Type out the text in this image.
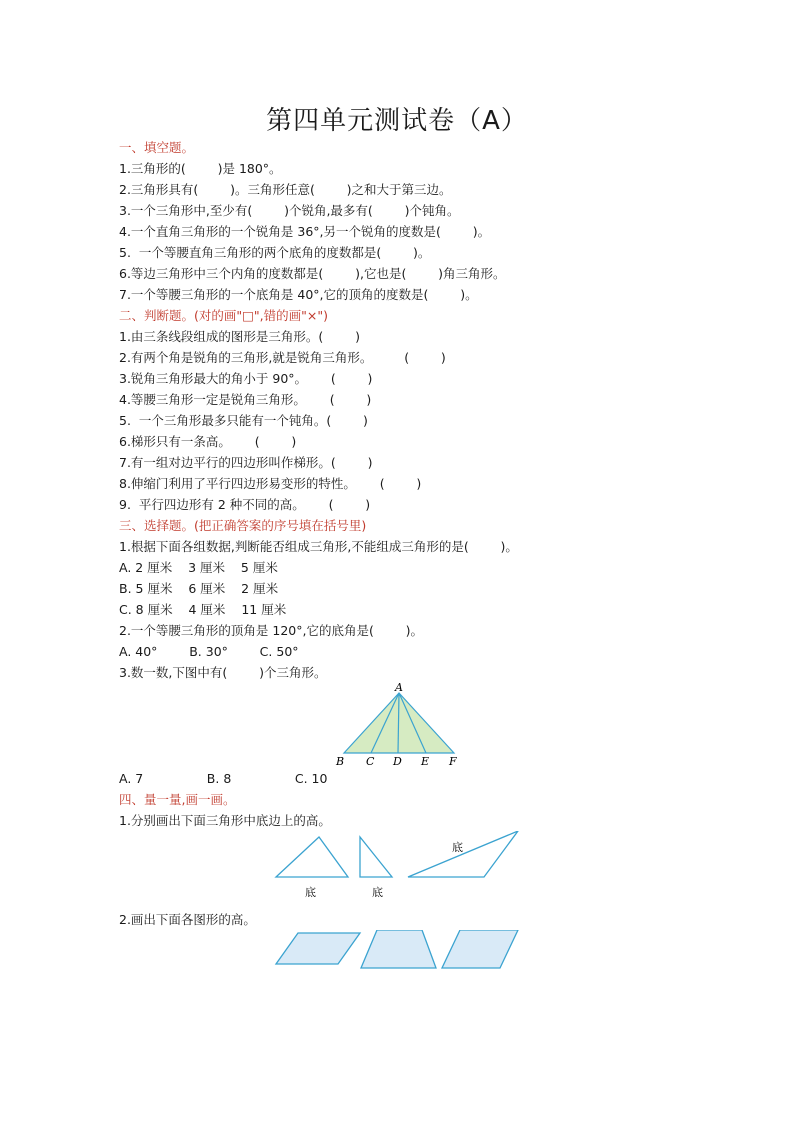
第四单元测试卷（A）
一、填空题。
1.三角形的(        )是 180°。
2.三角形具有(        )。三角形任意(        )之和大于第三边。
3.一个三角形中,至少有(        )个锐角,最多有(        )个钝角。
4.一个直角三角形的一个锐角是 36°,另一个锐角的度数是(        )。
5.  一个等腰直角三角形的两个底角的度数都是(        )。
6.等边三角形中三个内角的度数都是(        ),它也是(        )角三角形。
7.一个等腰三角形的一个底角是 40°,它的顶角的度数是(        )。
二、判断题。(对的画"□",错的画"×")
1.由三条线段组成的图形是三角形。(        )
2.有两个角是锐角的三角形,就是锐角三角形。        (        )
3.锐角三角形最大的角小于 90°。      (        )
4.等腰三角形一定是锐角三角形。      (        )
5.  一个三角形最多只能有一个钝角。(        )
6.梯形只有一条高。      (        )
7.有一组对边平行的四边形叫作梯形。(        )
8.伸缩门利用了平行四边形易变形的特性。      (        )
9.  平行四边形有 2 种不同的高。      (        )
三、选择题。(把正确答案的序号填在括号里)
1.根据下面各组数据,判断能否组成三角形,不能组成三角形的是(        )。
A. 2 厘米    3 厘米    5 厘米
B. 5 厘米    6 厘米    2 厘米
C. 8 厘米    4 厘米    11 厘米
2.一个等腰三角形的顶角是 120°,它的底角是(        )。
A. 40°        B. 30°        C. 50°
3.数一数,下图中有(        )个三角形。
A
B C D E F
A. 7                B. 8                C. 10
四、量一量,画一画。
1.分别画出下面三角形中底边上的高。
底	底
底
2.画出下面各图形的高。
